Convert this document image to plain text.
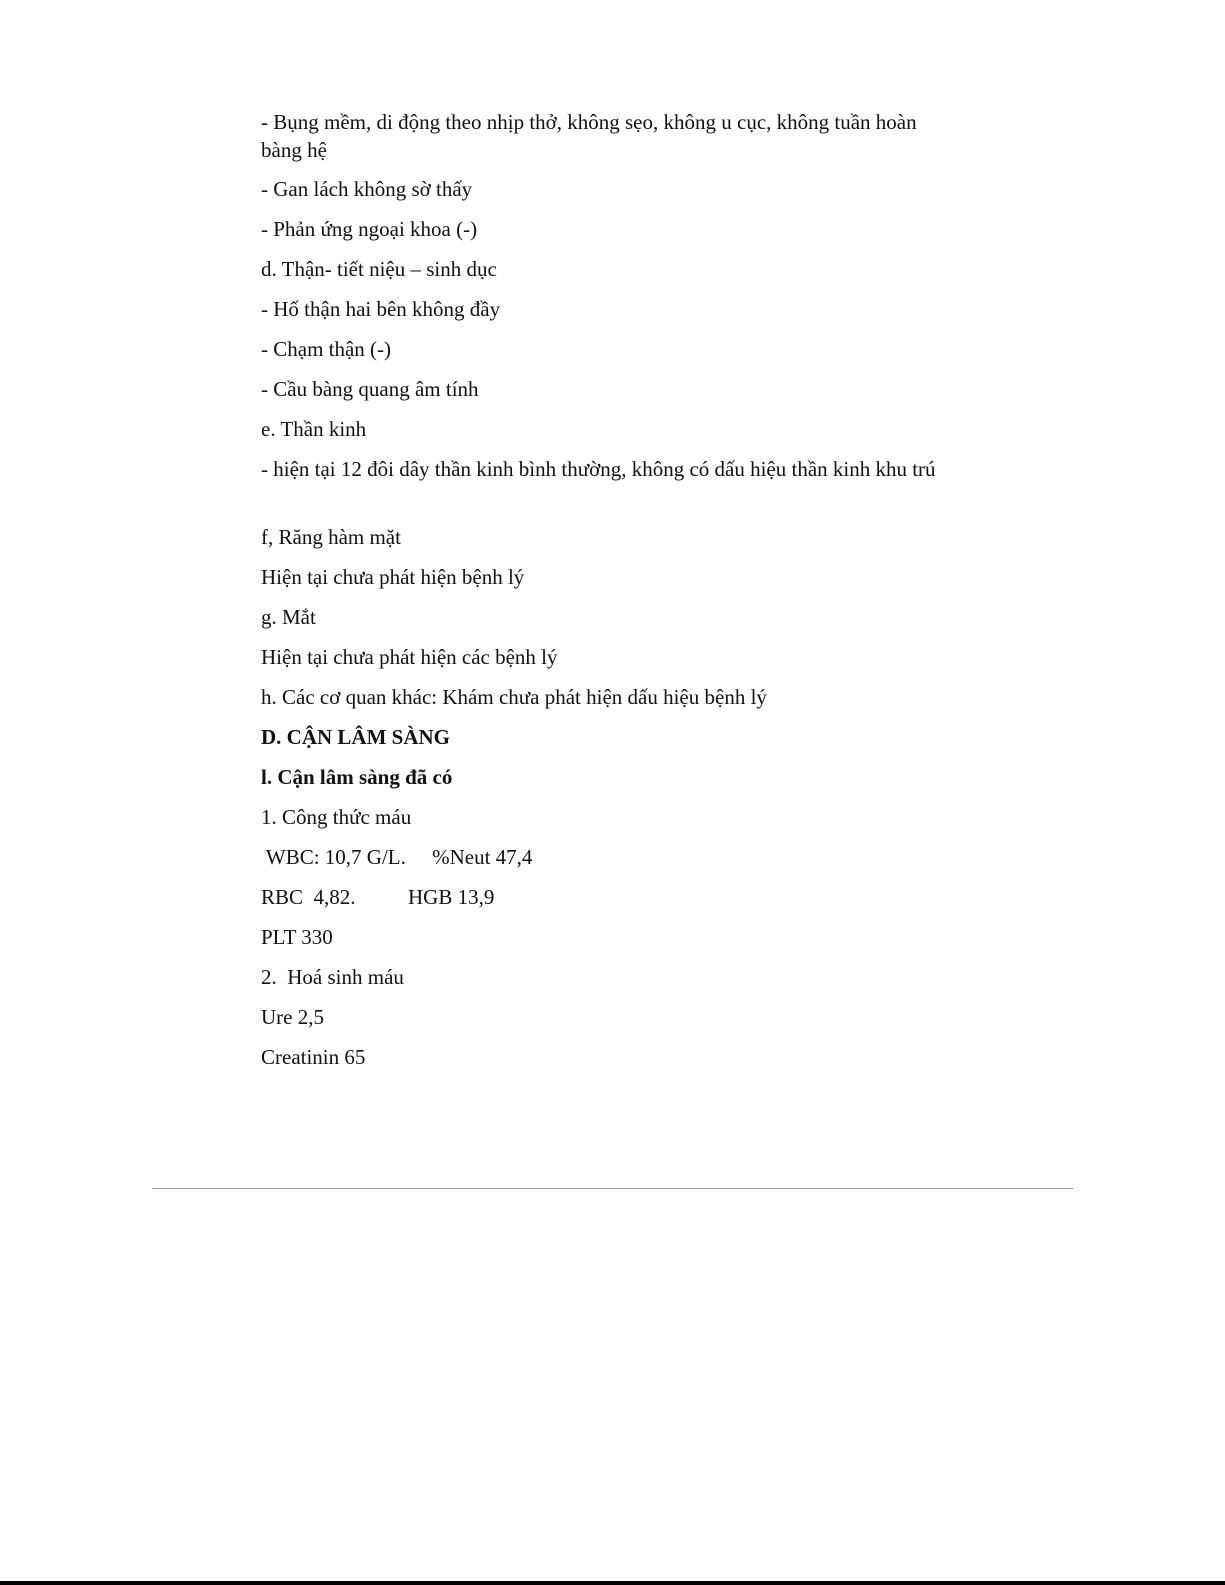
- Bụng mềm, di động theo nhịp thở, không sẹo, không u cục, không tuần hoàn bàng hệ
- Gan lách không sờ thấy
- Phản ứng ngoại khoa (-)
d. Thận- tiết niệu – sinh dục
- Hố thận hai bên không đầy
- Chạm thận (-)
- Cầu bàng quang âm tính
e. Thần kinh
- hiện tại 12 đôi dây thần kinh bình thường, không có dấu hiệu thần kinh khu trú
f, Răng hàm mặt
Hiện tại chưa phát hiện bệnh lý
g. Mắt
Hiện tại chưa phát hiện các bệnh lý
h. Các cơ quan khác: Khám chưa phát hiện dấu hiệu bệnh lý
D. CẬN LÂM SÀNG
l. Cận lâm sàng đã có
1. Công thức máu
WBC: 10,7 G/L.     %Neut 47,4
RBC  4,82.          HGB 13,9
PLT 330
2.  Hoá sinh máu
Ure 2,5
Creatinin 65
